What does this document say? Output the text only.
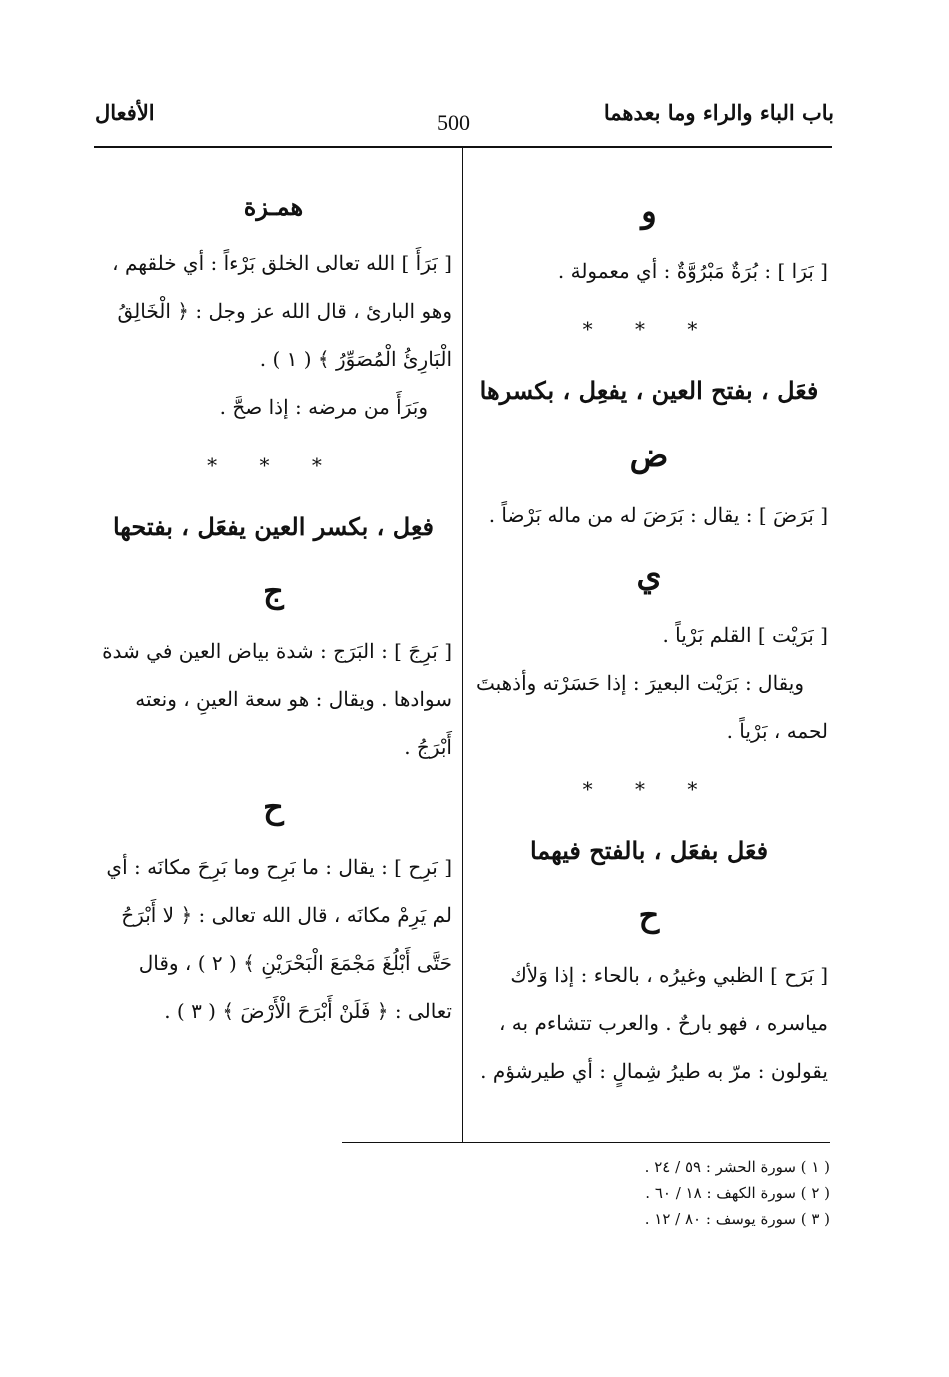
باب الباء والراء وما بعدهما
500
الأفعال
و

[ بَرَا ] : بُرَةٌ مَبْرُوَّةٌ : أي معمولة .

* * *
فعَل ، بفتح العين ، يفعِل ، بكسرها
ض

[ بَرَضَ ] : يقال : بَرَضَ له من ماله بَرْضاً .

ي

[ بَرَيْت ] القلم بَرْياً .

ويقال : بَرَيْت البعيرَ : إذا حَسَرْته وأذهبتَ لحمه ، بَرْياً .

* * *
فعَل بفعَل ، بالفتح فيهما
ح

[ بَرَح ] الظبي وغيرُه ، بالحاء : إذا وَلأك مياسره ، فهو بارحٌ . والعرب تتشاءم به ، يقولون : مرّ به طيرُ شِمالٍ : أي طيرشؤم .

همـزة

[ بَرَأَ ] الله تعالى الخلق بَرْءاً : أي خلقهم ، وهو البارئ ، قال الله عز وجل : ﴿ الْخَالِقُ الْبَارِئُ الْمُصَوِّرُ ﴾ ( ١ ) .

وبَرَأَ من مرضه : إذا صحَّ .

* * *
فعِل ، بكسر العين يفعَل ، بفتحها
ج

[ بَرِجَ ] : البَرَج : شدة بياض العين في شدة سوادها . ويقال : هو سعة العينِ ، ونعته أَبْرَجُ .

ح

[ بَرِح ] : يقال : ما بَرِح وما بَرِحَ مكانَه : أي لم يَرِمْ مكانَه ، قال الله تعالى : ﴿ لا أَبْرَحُ حَتَّى أَبْلُغَ مَجْمَعَ الْبَحْرَيْنِ ﴾ ( ٢ ) ، وقال تعالى : ﴿ فَلَنْ أَبْرَحَ الْأَرْضَ ﴾ ( ٣ ) .

( ١ ) سورة الحشر : ٥٩ / ٢٤ .

( ٢ ) سورة الكهف : ١٨ / ٦٠ .

( ٣ ) سورة يوسف : ٨٠ / ١٢ .
